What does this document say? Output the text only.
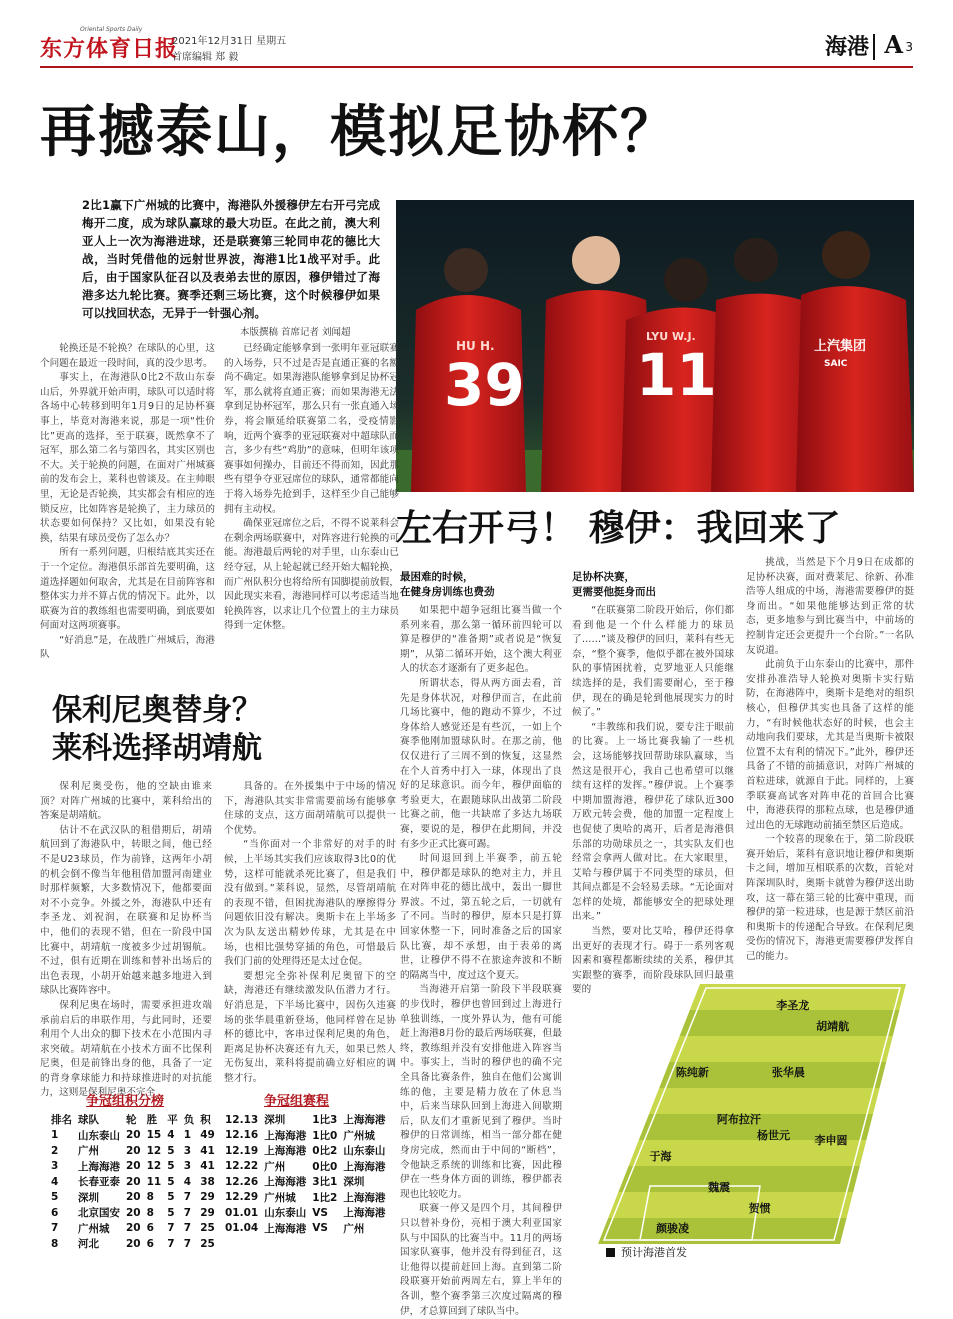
东方体育日报
Oriental Sports Daily
2021年12月31日 星期五
首席编辑 郑 毅	海港 A 3
再撼泰山，模拟足协杯？
2比1赢下广州城的比赛中，海港队外援穆伊左右开弓完成梅开二度，成为球队赢球的最大功臣。在此之前，澳大利亚人上一次为海港进球，还是联赛第三轮同申花的德比大战，当时凭借他的远射世界波，海港1比1战平对手。此后，由于国家队征召以及表弟去世的原因，穆伊错过了海港多达九轮比赛。赛季还剩三场比赛，这个时候穆伊如果可以找回状态，无异于一针强心剂。
本版撰稿 首席记者 刘闻超
HU H.
39
LYU W.J.
11	上汽集团
SAIC
左右开弓！ 穆伊：我回来了

轮换还是不轮换？在球队的心里，这个问题在最近一段时间，真的没少思考。

事实上，在海港队0比2不敌山东泰山后，外界就开始声明，球队可以适时将各场中心转移到明年1月9日的足协杯赛事上，毕竟对海港来说，那是一项“性价比”更高的选择，至于联赛，既然拿不了冠军，那么第二名与第四名，其实区别也不大。关于轮换的问题，在面对广州城赛前的发布会上，莱科也曾谈及。在主帅眼里，无论是否轮换，其实都会有相应的连锁反应，比如阵容是轮换了，主力球员的状态要如何保持？又比如，如果没有轮换，结果有球员受伤了怎么办？

所有一系列问题，归根结底其实还在于一个定位。海港俱乐部首先要明确，这道选择题如何取舍，尤其是在目前阵容和整体实力并不算占优的情况下。此外，以联赛为首的教练组也需要明确，到底要如何面对这两项赛事。

“好消息”是，在战胜广州城后，海港队

已经确定能够拿到一张明年亚冠联赛的入场券，只不过是否是直通正赛的名额尚不确定。如果海港队能够拿到足协杯冠军，那么就将直通正赛；而如果海港无法拿到足协杯冠军，那么只有一张直通入场券，将会顺延给联赛第二名，受疫情影响，近两个赛季的亚冠联赛对中超球队而言，多少有些“鸡肋”的意味，但明年该项赛事如何操办，目前还不得而知，因此那些有望争夺亚冠席位的球队，通常都能向于将入场券先抢到手，这样至少自己能够拥有主动权。

确保亚冠席位之后，不得不说莱科会在剩余两场联赛中，对阵容进行轮换的可能。海港最后两轮的对手里，山东泰山已经夺冠，从上轮起就已经开始大幅轮换，而广州队积分也将给所有国脚提前放假，因此现实来看，海港同样可以考虑适当地轮换阵容，以求让几个位置上的主力球员得到一定休整。

最困难的时候，
在健身房训练也费劲

如果把中超争冠组比赛当做一个系列来看，那么第一循环前四轮可以算是穆伊的“准备期”或者说是“恢复期”，从第二循环开始，这个澳大利亚人的状态才逐渐有了更多起色。

所谓状态，得从两方面去看，首先是身体状况，对穆伊而言，在此前几场比赛中，他的跑动不算少，不过身体给人感觉还是有些沉，一如上个赛季他刚加盟球队时。在那之前，他仅仅进行了三周不到的恢复，这显然在个人首秀中打入一球，体现出了良好的足球意识。而今年，穆伊面临的考验更大，在跟随球队出战第二阶段比赛之前，他一共缺席了多达九场联赛，要说的是，穆伊在此期间，并没有多少正式比赛可踢。

时间退回到上半赛季，前五轮中，穆伊都是球队的绝对主力，并且在对阵申花的德比战中，轰出一脚世界波。不过，第五轮之后，一切就有了不同。当时的穆伊，原本只是打算回家休整一下，同时准备之后的国家队比赛，却不承想，由于表弟的离世，让穆伊不得不在旅途奔波和不断的隔离当中，度过这个夏天。

当海港开启第一阶段下半段联赛的步伐时，穆伊也曾回到过上海进行单独训练，一度外界认为，他有可能赶上海港8月份的最后两场联赛，但最终，教练组并没有安排他进入阵容当中。事实上，当时的穆伊也的确不完全具备比赛条件，独自在他们公寓训练的他，主要是精力放在了休息当中，后来当球队回到上海进入间歇期后，队友们才重新见到了穆伊。当时穆伊的日常训练，相当一部分都在健身房完成，然而由于中间的“断档”，令他缺乏系统的训练和比赛，因此穆伊在一些身体方面的训练，穆伊都表现也比较吃力。

联赛一停又是四个月，其间穆伊只以替补身份，亮相于澳大利亚国家队与中国队的比赛当中。11月的两场国家队赛事，他并没有得到征召，这让他得以提前赶回上海。直到第二阶段联赛开始前两周左右，算上半年的各训，整个赛季第三次度过隔离的穆伊，才总算回到了球队当中。

足协杯决赛，
更需要他挺身而出

“在联赛第二阶段开始后，你们都看到他是一个什么样能力的球员了……”谈及穆伊的回归，莱科有些无奈，“整个赛季，他似乎都在被外国球队的事情困扰着，克罗地亚人只能继续选择的是，我们需要耐心，至于穆伊，现在的确是轮到他展现实力的时候了。”

“丰教练和我们说，要专注于眼前的比赛。上一场比赛我输了一些机会，这场能够找回帮助球队赢球，当然这是很开心，我自己也希望可以继续有这样的发挥。”穆伊说。上个赛季中期加盟海港，穆伊花了球队近300万欧元转会费，他的加盟一定程度上也促使了奥哈的离开，后者是海港俱乐部的功勋球员之一，其实队友们也经常会拿两人做对比。在大家眼里，艾哈与穆伊属于不同类型的球员，但其间点都是不会轻易丢球。“无论面对怎样的处境，都能够安全的把球处理出来。”

当然，要对比艾哈，穆伊还得拿出更好的表现才行。碍于一系列客观因素和赛程都断续续的关系，穆伊其实跟整的赛季，而阶段球队回归最重要的

挑战，当然是下个月9日在成都的足协杯决赛，面对费莱尼、徐新、孙准浩等人组成的中场，海港需要穆伊的挺身而出。“如果他能够达到正常的状态，更多地参与到比赛当中，中前场的控制肯定还会更提升一个台阶。”一名队友说道。

此前负于山东泰山的比赛中，那件安排孙准浩导人轮换对奥斯卡实行贴防，在海港阵中，奥斯卡是绝对的组织核心，但穆伊其实也具备了这样的能力，“有时候他状态好的时候，也会主动地向我们要球，尤其是当奥斯卡被限位置不太有利的情况下。”此外，穆伊还具备了不错的前插意识，对阵广州城的首粒进球，就源自于此。同样的，上赛季联赛高试客对阵申花的首回合比赛中，海港获得的那粒点球，也是穆伊通过出色的无球跑动前插至禁区后造成。

一个较喜的现象在于，第二阶段联赛开始后，莱科有意识地让穆伊和奥斯卡之间，增加互相联系的次数，首轮对阵深圳队时，奥斯卡就曾为穆伊送出助攻，这一幕在第三轮的比赛中重现，而穆伊的第一粒进球，也是源于禁区前沿和奥斯卡的传递配合导致。在保利尼奥受伤的情况下，海港更需要穆伊发挥自己的能力。

保利尼奥替身？
莱科选择胡靖航

保利尼奥受伤，他的空缺由谁来顶？对阵广州城的比赛中，莱科给出的答案是胡靖航。

估计不在武汉队的租借期后，胡靖航回到了海港队中，转眼之间，他已经不是U23球员，作为前锋，这两年小胡的机会倒不像当年他租借加盟河南建业时那样频繁，大多数情况下，他都要面对不小竞争。外援之外，海港队中还有李圣龙、刘祝润，在联赛和足协杯当中，他们的表现不错，但在一阶段中国比赛中，胡靖航一度被多少过胡锡航。不过，俱有近期在训练和替补出场后的出色表现，小胡开始越来越多地进入到球队比赛阵容中。

保利尼奥在场时，需要承担进攻端承前启后的串联作用，与此同时，还要利用个人出众的脚下技术在小范围内寻求突破。胡靖航在小技术方面不比保利尼奥，但是前锋出身的他，具备了一定的背身拿球能力和持球推进时的对抗能力，这则是保利尼奥不完全

具备的。在外援集中于中场的情况下，海港队其实非常需要前场有能够拿住球的支点，这方面胡靖航可以提供一个优势。

“当你面对一个非常好的对手的时候，上半场其实我们应该取得3比0的优势，这样可能就杀死比赛了，但是我们没有做到。”莱科说，显然，尽管胡靖航的表现不错，但困扰海港队的摩擦得分问题依旧没有解决。奥斯卡在上半场多次为队友送出精妙传球，尤其是在中场，也相比强势穿插的角色，可惜最后我们门前的处理得还是太过仓促。

要想完全弥补保利尼奥留下的空缺，海港还有继续激发队伍潜力才行。好消息是，下半场比赛中，因伤久违赛场的张华晨重新登场，他同样曾在足协杯的德比中，客串过保利尼奥的角色，距离足协杯决赛还有九天，如果已然人无伤复出，莱科将提前确立好相应的调整才行。

争冠组积分榜	争冠组赛程
排名	球队	轮	胜	平	负	积
1	山东泰山	20	15	4	1	49
2	广州	20	12	5	3	41
3	上海海港	20	12	5	3	41
4	长春亚泰	20	11	5	4	38
5	深圳	20	8	5	7	29
6	北京国安	20	8	5	7	29
7	广州城	20	6	7	7	25
8	河北	20	6	7	7	25
12.13	深圳	1比3	上海海港
12.16	上海海港	1比0	广州城
12.19	上海海港	0比2	山东泰山
12.22	广州	0比0	上海海港
12.26	上海海港	3比1	深圳
12.29	广州城	1比2	上海海港
01.01	山东泰山	VS	上海海港
01.04	上海海港	VS	广州
李圣龙
胡靖航
陈纯新	张华晨
阿布拉汗
杨世元 李申圆
于海
魏震
贺惯
颜骏凌
预计海港首发
